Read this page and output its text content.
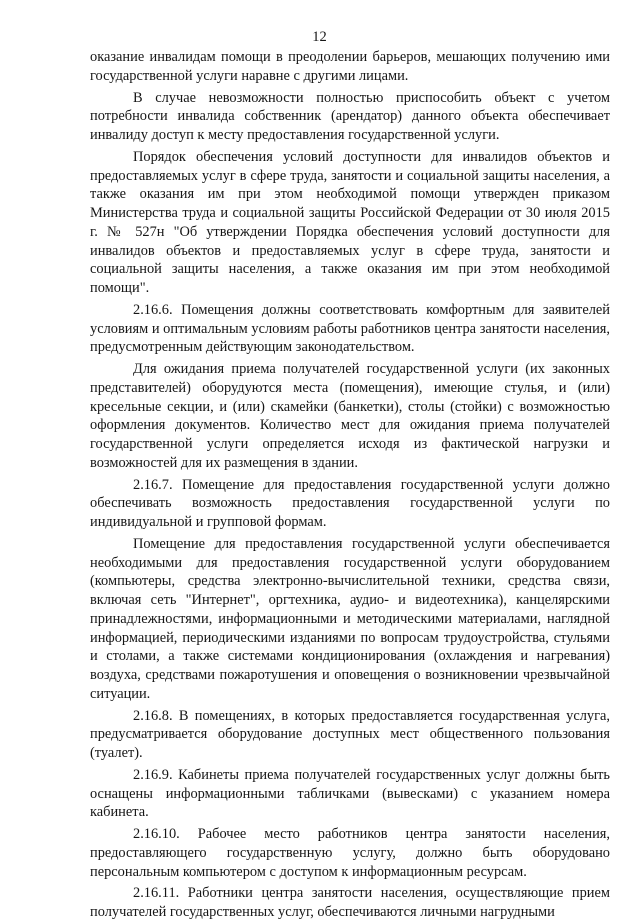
12

оказание инвалидам помощи в преодолении барьеров, мешающих получению ими государственной услуги наравне с другими лицами.

В случае невозможности полностью приспособить объект с учетом потребности инвалида собственник (арендатор) данного объекта обеспечивает инвалиду доступ к месту предоставления государственной услуги.

Порядок обеспечения условий доступности для инвалидов объектов и предоставляемых услуг в сфере труда, занятости и социальной защиты населения, а также оказания им при этом необходимой помощи утвержден приказом Министерства труда и социальной защиты Российской Федерации от 30 июля 2015 г. № 527н "Об утверждении Порядка обеспечения условий доступности для инвалидов объектов и предоставляемых услуг в сфере труда, занятости и социальной защиты населения, а также оказания им при этом необходимой помощи".

2.16.6. Помещения должны соответствовать комфортным для заявителей условиям и оптимальным условиям работы работников центра занятости населения, предусмотренным действующим законодательством.

Для ожидания приема получателей государственной услуги (их законных представителей) оборудуются места (помещения), имеющие стулья, и (или) кресельные секции, и (или) скамейки (банкетки), столы (стойки) с возможностью оформления документов. Количество мест для ожидания приема получателей государственной услуги определяется исходя из фактической нагрузки и возможностей для их размещения в здании.

2.16.7. Помещение для предоставления государственной услуги должно обеспечивать возможность предоставления государственной услуги по индивидуальной и групповой формам.

Помещение для предоставления государственной услуги обеспечивается необходимыми для предоставления государственной услуги оборудованием (компьютеры, средства электронно-вычислительной техники, средства связи, включая сеть "Интернет", оргтехника, аудио- и видеотехника), канцелярскими принадлежностями, информационными и методическими материалами, наглядной информацией, периодическими изданиями по вопросам трудоустройства, стульями и столами, а также системами кондиционирования (охлаждения и нагревания) воздуха, средствами пожаротушения и оповещения о возникновении чрезвычайной ситуации.

2.16.8. В помещениях, в которых предоставляется государственная услуга, предусматривается оборудование доступных мест общественного пользования (туалет).

2.16.9. Кабинеты приема получателей государственных услуг должны быть оснащены информационными табличками (вывесками) с указанием номера кабинета.

2.16.10. Рабочее место работников центра занятости населения, предоставляющего государственную услугу, должно быть оборудовано персональным компьютером с доступом к информационным ресурсам.

2.16.11. Работники центра занятости населения, осуществляющие прием получателей государственных услуг, обеспечиваются личными нагрудными
